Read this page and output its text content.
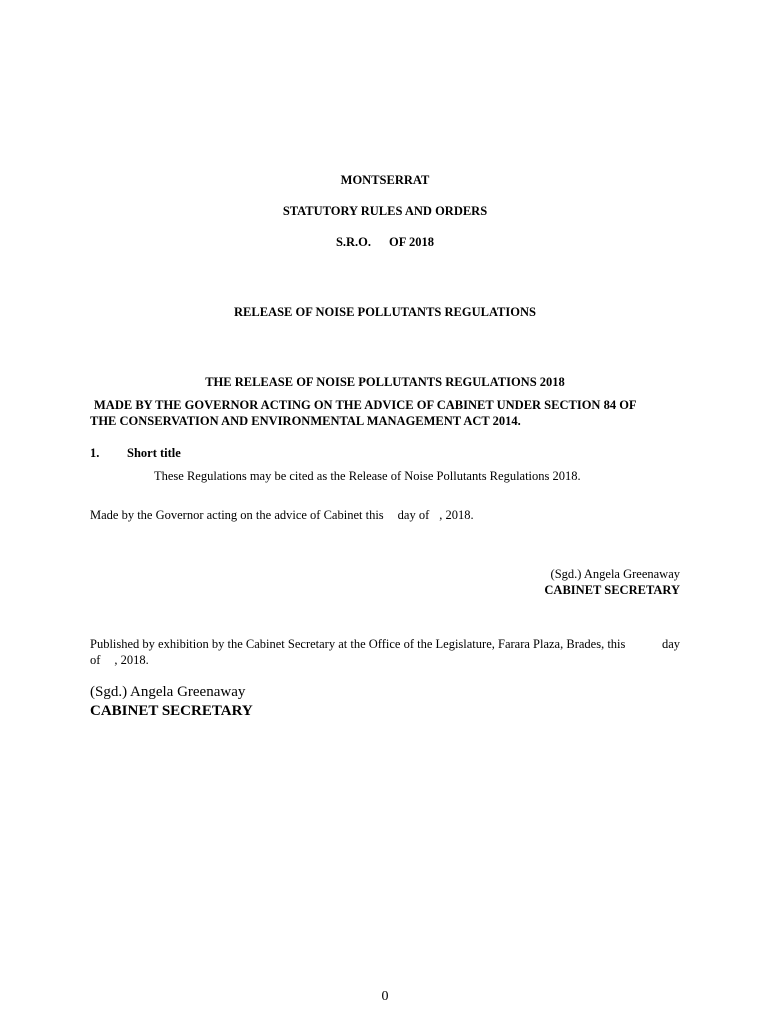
MONTSERRAT
STATUTORY RULES AND ORDERS
S.R.O. OF 2018
RELEASE OF NOISE POLLUTANTS REGULATIONS
THE RELEASE OF NOISE POLLUTANTS REGULATIONS 2018
MADE BY THE GOVERNOR ACTING ON THE ADVICE OF CABINET UNDER SECTION 84 OF
THE CONSERVATION AND ENVIRONMENTAL MANAGEMENT ACT 2014.
1. Short title
These Regulations may be cited as the Release of Noise Pollutants Regulations 2018.
Made by the Governor acting on the advice of Cabinet this day of , 2018.
(Sgd.) Angela Greenaway
CABINET SECRETARY
Published by exhibition by the Cabinet Secretary at the Office of the Legislature, Farara Plaza, Brades, this	day
of , 2018.
(Sgd.) Angela Greenaway
CABINET SECRETARY
0
